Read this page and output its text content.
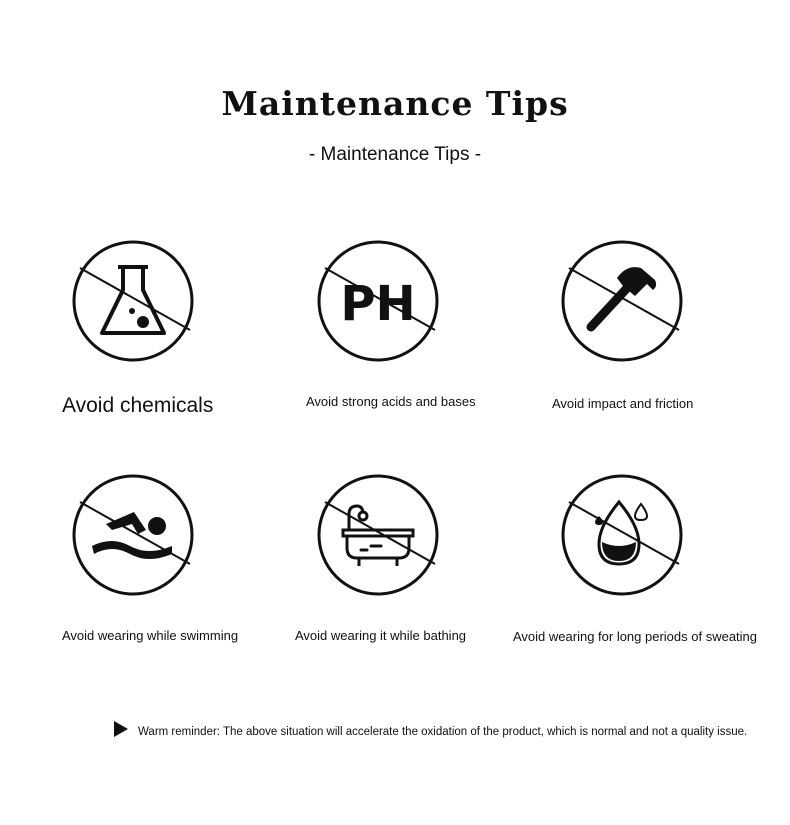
Maintenance Tips
- Maintenance Tips -
Avoid chemicals
PH
Avoid strong acids and bases	Avoid impact and friction
Avoid wearing while swimming	Avoid wearing it while bathing	Avoid wearing for long periods of sweating
Warm reminder: The above situation will accelerate the oxidation of the product, which is normal and not a quality issue.
